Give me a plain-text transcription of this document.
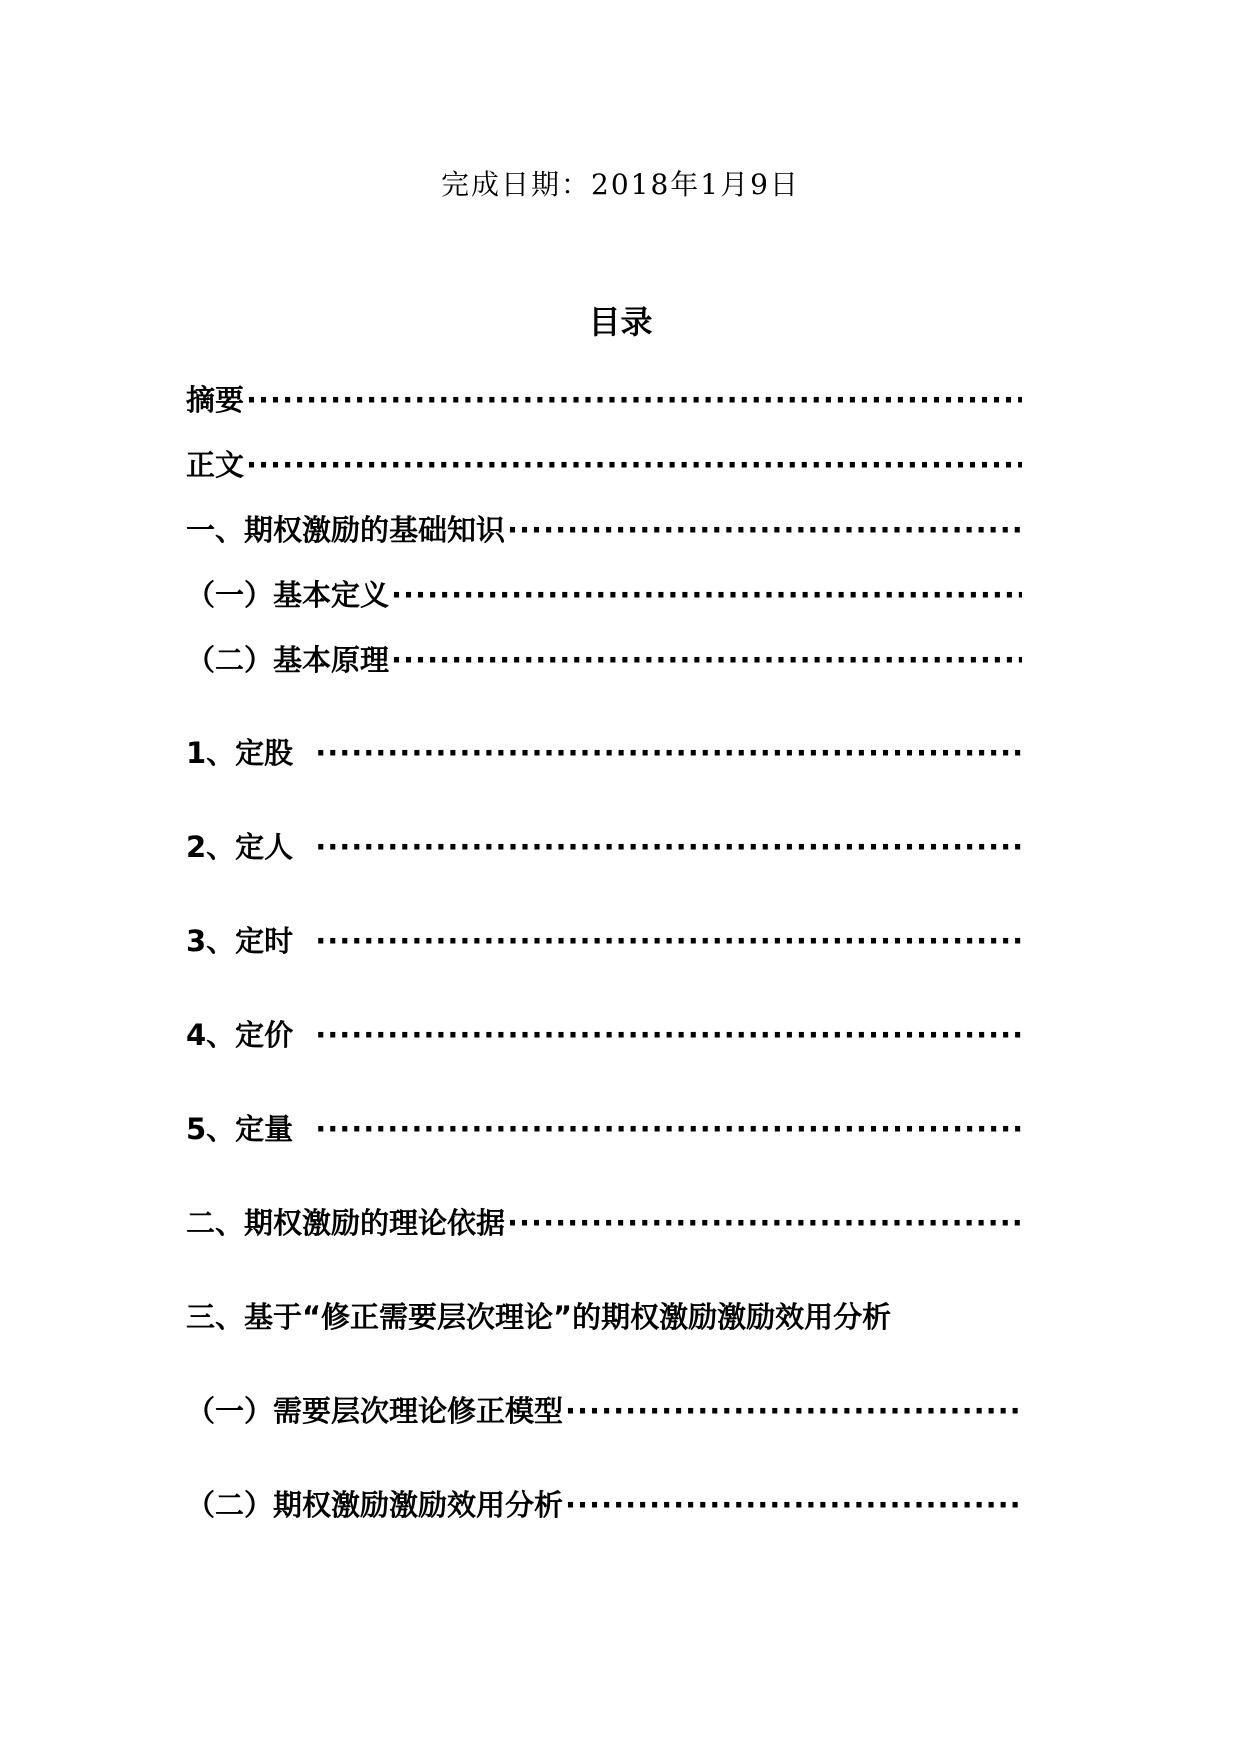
完成日期：2018年1月9日
目录
摘要
·····
正文
·····
一、期权激励的基础知识
·····
（一）基本定义
·····
（二）基本原理
·····
1、定股
·····
2、定人
·····
3、定时
·····
4、定价
·····
5、定量
·····
二、期权激励的理论依据
·····
三、基于“修正需要层次理论”的期权激励激励效用分析
（一）需要层次理论修正模型
·····
（二）期权激励激励效用分析
·····
